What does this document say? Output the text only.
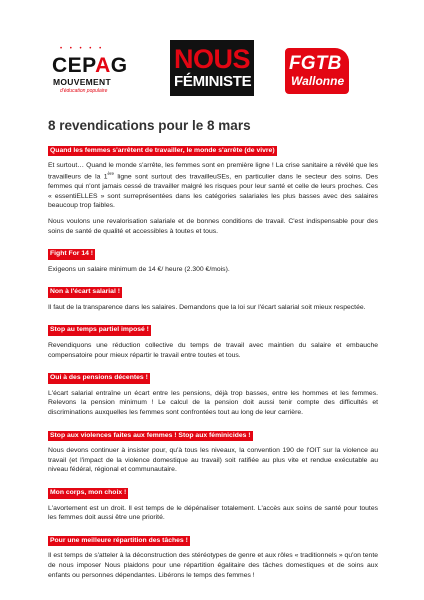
• • • • •
CEPAG
MOUVEMENT
d'éducation populaire
NOUS
FÉMINISTE
FGTB
Wallonne
8 revendications pour le 8 mars
Quand les femmes s'arrêtent de travailler, le monde s'arrête (de vivre)

Et surtout… Quand le monde s'arrête, les femmes sont en première ligne ! La crise sanitaire a révélé que les travailleurs de la 1ère ligne sont surtout des travailleuSEs, en particulier dans le secteur des soins. Des femmes qui n'ont jamais cessé de travailler malgré les risques pour leur santé et celle de leurs proches. Ces « essentiELLES » sont surreprésentées dans les catégories salariales les plus basses avec des salaires beaucoup trop faibles.

Nous voulons une revalorisation salariale et de bonnes conditions de travail. C'est indispensable pour des soins de santé de qualité et accessibles à toutes et tous.

Fight For 14 !

Exigeons un salaire minimum de 14 €/ heure (2.300 €/mois).

Non à l'écart salarial !

Il faut de la transparence dans les salaires. Demandons que la loi sur l'écart salarial soit mieux respectée.

Stop au temps partiel imposé !

Revendiquons une réduction collective du temps de travail avec maintien du salaire et embauche compensatoire pour mieux répartir le travail entre toutes et tous.

Oui à des pensions décentes !

L'écart salarial entraîne un écart entre les pensions, déjà trop basses, entre les hommes et les femmes. Relevons la pension minimum ! Le calcul de la pension doit aussi tenir compte des difficultés et discriminations auxquelles les femmes sont confrontées tout au long de leur carrière.

Stop aux violences faites aux femmes ! Stop aux féminicides !

Nous devons continuer à insister pour, qu'à tous les niveaux, la convention 190 de l'OIT sur la violence au travail (et l'impact de la violence domestique au travail) soit ratifiée au plus vite et rendue exécutable au niveau fédéral, régional et communautaire.

Mon corps, mon choix !

L'avortement est un droit. Il est temps de le dépénaliser totalement. L'accès aux soins de santé pour toutes les femmes doit aussi être une priorité.

Pour une meilleure répartition des tâches !

Il est temps de s'atteler à la déconstruction des stéréotypes de genre et aux rôles « traditionnels » qu'on tente de nous imposer Nous plaidons pour une répartition égalitaire des tâches domestiques et de soins aux enfants ou personnes dépendantes. Libérons le temps des femmes !
